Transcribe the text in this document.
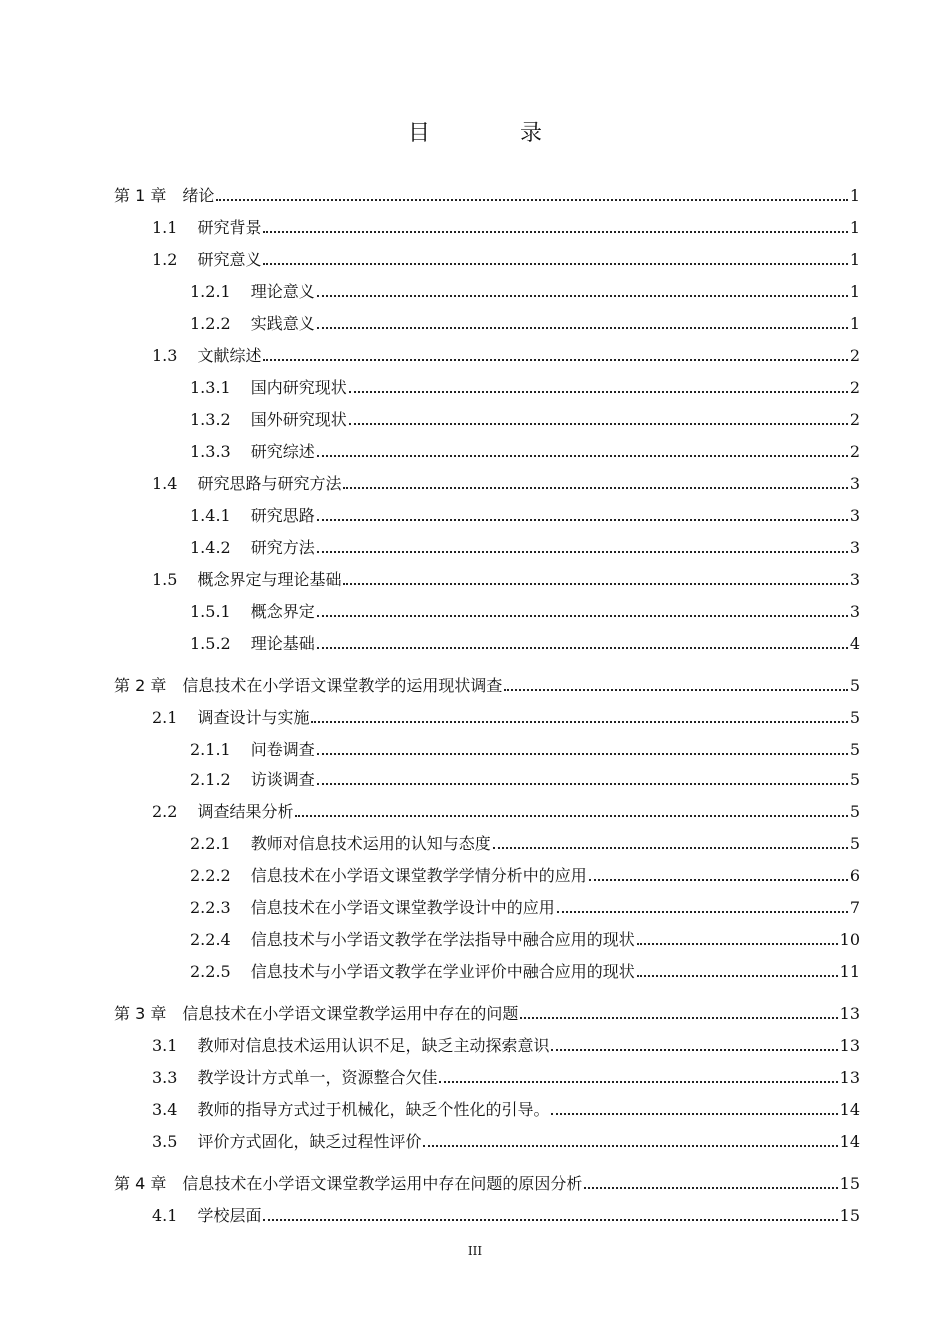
目　录
第 1 章 绪论	1
1.1 研究背景	1
1.2 研究意义	1
1.2.1 理论意义	1
1.2.2 实践意义	1
1.3 文献综述	2
1.3.1 国内研究现状	2
1.3.2 国外研究现状	2
1.3.3 研究综述	2
1.4 研究思路与研究方法	3
1.4.1 研究思路	3
1.4.2 研究方法	3
1.5 概念界定与理论基础	3
1.5.1 概念界定	3
1.5.2 理论基础	4
第 2 章 信息技术在小学语文课堂教学的运用现状调查	5
2.1 调查设计与实施	5
2.1.1 问卷调查	5
2.1.2 访谈调查	5
2.2 调查结果分析	5
2.2.1 教师对信息技术运用的认知与态度	5
2.2.2 信息技术在小学语文课堂教学学情分析中的应用	6
2.2.3 信息技术在小学语文课堂教学设计中的应用	7
2.2.4 信息技术与小学语文教学在学法指导中融合应用的现状	10
2.2.5 信息技术与小学语文教学在学业评价中融合应用的现状	11
第 3 章 信息技术在小学语文课堂教学运用中存在的问题	13
3.1 教师对信息技术运用认识不足，缺乏主动探索意识	13
3.3 教学设计方式单一，资源整合欠佳	13
3.4 教师的指导方式过于机械化，缺乏个性化的引导。	14
3.5 评价方式固化，缺乏过程性评价	14
第 4 章 信息技术在小学语文课堂教学运用中存在问题的原因分析	15
4.1 学校层面	15
III
